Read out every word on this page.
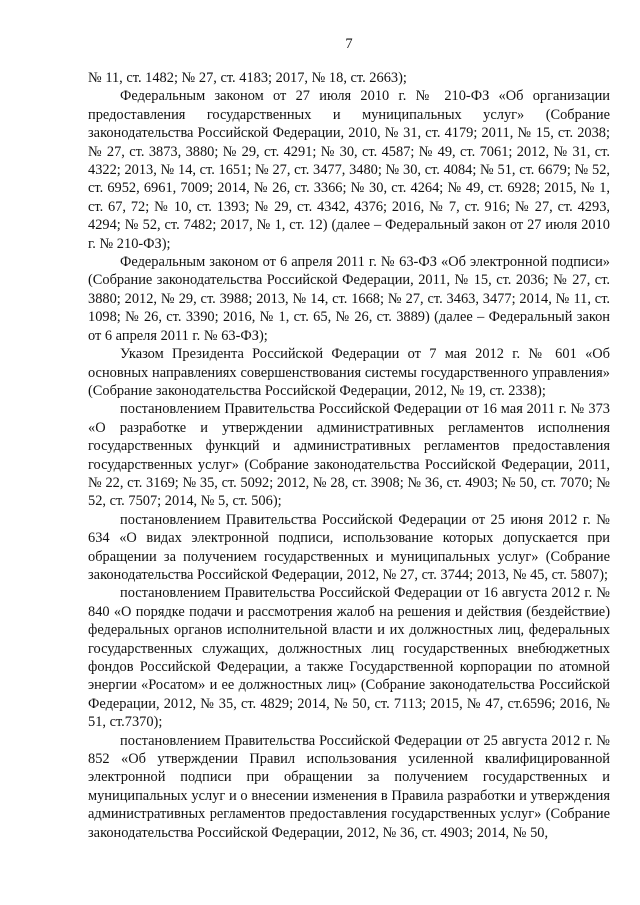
7

№ 11, ст. 1482; № 27, ст. 4183; 2017, № 18, ст. 2663);

Федеральным законом от 27 июля 2010 г. № 210-ФЗ «Об организации предоставления государственных и муниципальных услуг» (Собрание законодательства Российской Федерации, 2010, № 31, ст. 4179; 2011, № 15, ст. 2038; № 27, ст. 3873, 3880; № 29, ст. 4291; № 30, ст. 4587; № 49, ст. 7061; 2012, № 31, ст. 4322; 2013, № 14, ст. 1651; № 27, ст. 3477, 3480; № 30, ст. 4084; № 51, ст. 6679; № 52, ст. 6952, 6961, 7009; 2014, № 26, ст. 3366; № 30, ст. 4264; № 49, ст. 6928; 2015, № 1, ст. 67, 72; № 10, ст. 1393; № 29, ст. 4342, 4376; 2016, № 7, ст. 916; № 27, ст. 4293, 4294; № 52, ст. 7482; 2017, № 1, ст. 12) (далее – Федеральный закон от 27 июля 2010 г. № 210-ФЗ);

Федеральным законом от 6 апреля 2011 г. № 63-ФЗ «Об электронной подписи» (Собрание законодательства Российской Федерации, 2011, № 15, ст. 2036; № 27, ст. 3880; 2012, № 29, ст. 3988; 2013, № 14, ст. 1668; № 27, ст. 3463, 3477; 2014, № 11, ст. 1098; № 26, ст. 3390; 2016, № 1, ст. 65, № 26, ст. 3889) (далее – Федеральный закон от 6 апреля 2011 г. № 63-ФЗ);

Указом Президента Российской Федерации от 7 мая 2012 г. № 601 «Об основных направлениях совершенствования системы государственного управления» (Собрание законодательства Российской Федерации, 2012, № 19, ст. 2338);

постановлением Правительства Российской Федерации от 16 мая 2011 г. № 373 «О разработке и утверждении административных регламентов исполнения государственных функций и административных регламентов предоставления государственных услуг» (Собрание законодательства Российской Федерации, 2011, № 22, ст. 3169; № 35, ст. 5092; 2012, № 28, ст. 3908; № 36, ст. 4903; № 50, ст. 7070; № 52, ст. 7507; 2014, № 5, ст. 506);

постановлением Правительства Российской Федерации от 25 июня 2012 г. № 634 «О видах электронной подписи, использование которых допускается при обращении за получением государственных и муниципальных услуг» (Собрание законодательства Российской Федерации, 2012, № 27, ст. 3744; 2013, № 45, ст. 5807);

постановлением Правительства Российской Федерации от 16 августа 2012 г. № 840 «О порядке подачи и рассмотрения жалоб на решения и действия (бездействие) федеральных органов исполнительной власти и их должностных лиц, федеральных государственных служащих, должностных лиц государственных внебюджетных фондов Российской Федерации, а также Государственной корпорации по атомной энергии «Росатом» и ее должностных лиц» (Собрание законодательства Российской Федерации, 2012, № 35, ст. 4829; 2014, № 50, ст. 7113; 2015, № 47, ст.6596; 2016, № 51, ст.7370);

постановлением Правительства Российской Федерации от 25 августа 2012 г. № 852 «Об утверждении Правил использования усиленной квалифицированной электронной подписи при обращении за получением государственных и муниципальных услуг и о внесении изменения в Правила разработки и утверждения административных регламентов предоставления государственных услуг» (Собрание законодательства Российской Федерации, 2012, № 36, ст. 4903; 2014, № 50,
